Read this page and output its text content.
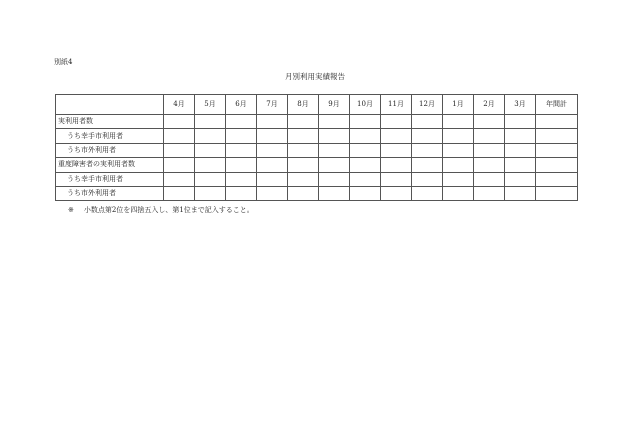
別紙4
月別利用実績報告
	4月	5月	6月	7月	8月	9月	10月	11月	12月	1月	2月	3月	年間計
実利用者数													
うち幸手市利用者													
うち市外利用者													
重度障害者の実利用者数													
うち幸手市利用者													
うち市外利用者													
※ 小数点第2位を四捨五入し、第1位まで記入すること。
